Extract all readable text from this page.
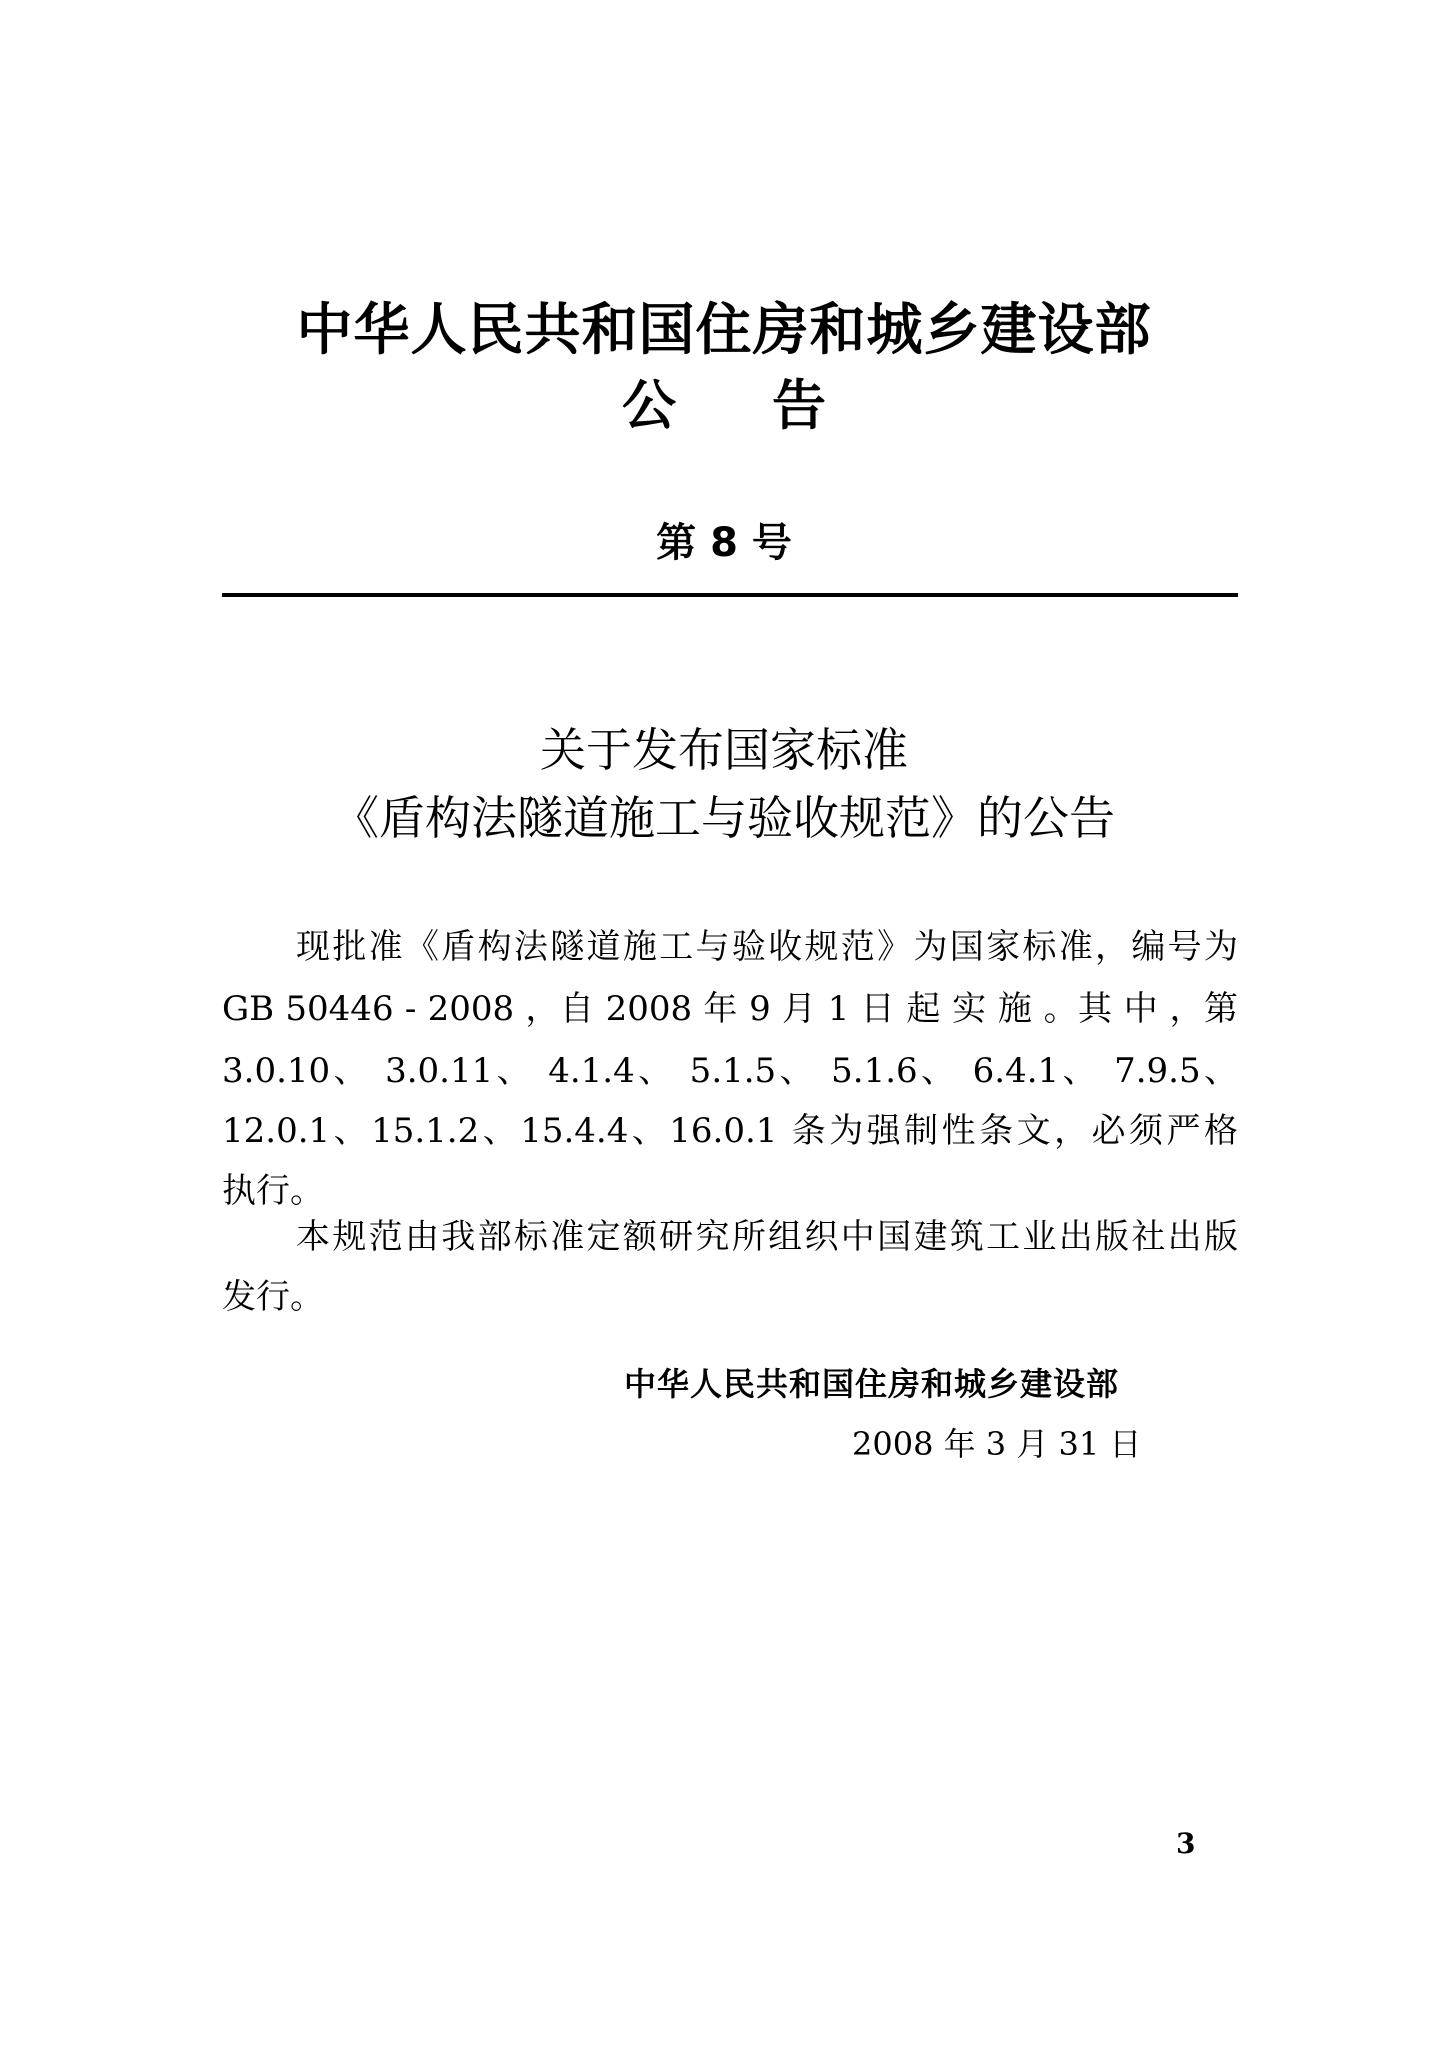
中华人民共和国住房和城乡建设部
公 告
第 8 号
关于发布国家标准
《盾构法隧道施工与验收规范》的公告
现批准《盾构法隧道施工与验收规范》为国家标准，编号为
GB 50446 - 2008 ，自 2008 年 9 月 1 日 起 实 施 。其 中 ，第
3.0.10、 3.0.11、 4.1.4、 5.1.5、 5.1.6、 6.4.1、 7.9.5、
12.0.1、15.1.2、15.4.4、16.0.1 条为强制性条文，必须严格
执行。
本规范由我部标准定额研究所组织中国建筑工业出版社出版
发行。
中华人民共和国住房和城乡建设部
2008 年 3 月 31 日
3
